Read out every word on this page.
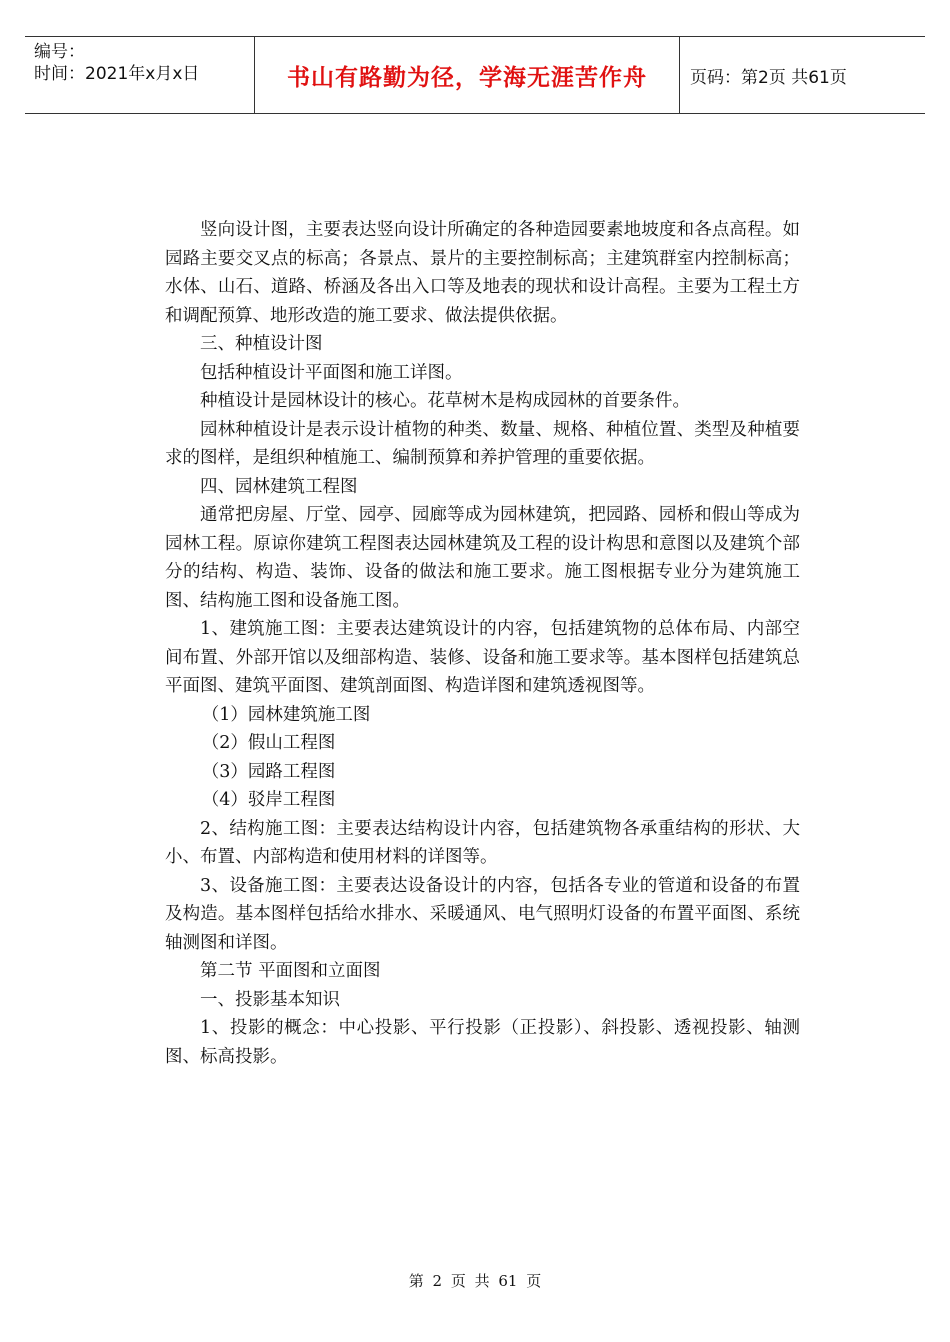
编号：
时间：2021年x月x日	书山有路勤为径，学海无涯苦作舟	页码：第2页 共61页

竖向设计图，主要表达竖向设计所确定的各种造园要素地坡度和各点高程。如园路主要交叉点的标高；各景点、景片的主要控制标高；主建筑群室内控制标高；水体、山石、道路、桥涵及各出入口等及地表的现状和设计高程。主要为工程土方和调配预算、地形改造的施工要求、做法提供依据。

三、种植设计图

包括种植设计平面图和施工详图。

种植设计是园林设计的核心。花草树木是构成园林的首要条件。

园林种植设计是表示设计植物的种类、数量、规格、种植位置、类型及种植要求的图样，是组织种植施工、编制预算和养护管理的重要依据。

四、园林建筑工程图

通常把房屋、厅堂、园亭、园廊等成为园林建筑，把园路、园桥和假山等成为园林工程。原谅你建筑工程图表达园林建筑及工程的设计构思和意图以及建筑个部分的结构、构造、装饰、设备的做法和施工要求。施工图根据专业分为建筑施工图、结构施工图和设备施工图。

1、建筑施工图：主要表达建筑设计的内容，包括建筑物的总体布局、内部空间布置、外部开馆以及细部构造、装修、设备和施工要求等。基本图样包括建筑总平面图、建筑平面图、建筑剖面图、构造详图和建筑透视图等。

（1）园林建筑施工图

（2）假山工程图

（3）园路工程图

（4）驳岸工程图

2、结构施工图：主要表达结构设计内容，包括建筑物各承重结构的形状、大小、布置、内部构造和使用材料的详图等。

3、设备施工图：主要表达设备设计的内容，包括各专业的管道和设备的布置及构造。基本图样包括给水排水、采暖通风、电气照明灯设备的布置平面图、系统轴测图和详图。

第二节 平面图和立面图

一、投影基本知识

1、投影的概念：中心投影、平行投影（正投影）、斜投影、透视投影、轴测图、标高投影。

第 2 页 共 61 页
